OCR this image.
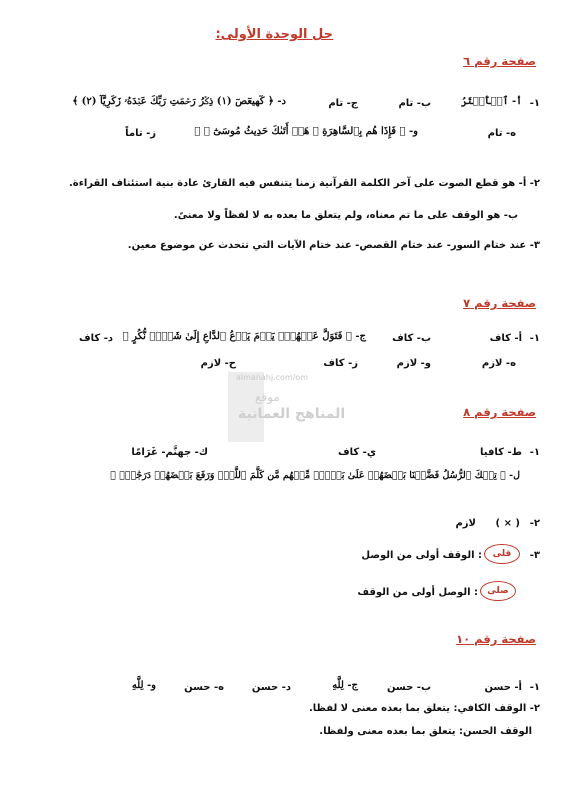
حل الوحدة الأولى:
almanahj.com/om
موقع
المناهج العمانية
صفحة رقم ٦
١-
أ- ٱلۡأَبۡتَرُ
ب- تام
ج- تام
د- ﴿ كٓهيعٓصٓ (١) ذِكۡرُ رَحۡمَتِ رَبِّكَ عَبۡدَهُۥ زَكَرِيَّآ (٢) ﴾
ه- تام
و- ﴿ فَإِذَا هُم بِٱلسَّاهِرَةِ ⑭ هَلۡ أَتَىٰكَ حَدِيثُ مُوسَىٰٓ ⑮ ﴾
ز- تاماً
٢- أ- هو قطع الصوت على آخر الكلمة القرآنية زمنا يتنفس فيه القارئ عادة بنية استئناف القراءة.
ب- هو الوقف على ما تم معناه، ولم يتعلق ما بعده به لا لفظاً ولا معنىً.
٣- عند ختام السور- عند ختام القصص- عند ختام الآيات التي تتحدث عن موضوع معين.
صفحة رقم ٧
١-
أ- كاف
ب- كاف
ج- ﴿ فَتَوَلَّ عَنۡهُمۡۘ يَوۡمَ يَدۡعُ ٱلدَّاعِ إِلَىٰ شَيۡءٖ نُّكُرٍ ﴾
د- كاف
ه- لازم
و- لازم
ز- كاف
ح- لازم
صفحة رقم ٨
١-
ط- كافيا
ي- كاف
ك- جهنَّم- غَرَامًا
ل- ﴿ تِلۡكَ ٱلرُّسُلُ فَضَّلۡنَا بَعۡضَهُمۡ عَلَىٰ بَعۡضٖۘ مِّنۡهُم مَّن كَلَّمَ ٱللَّهُۖ وَرَفَعَ بَعۡضَهُمۡ دَرَجَٰتٖۚ ﴾
٢-
( × )
لازم
٣-
قلى
: الوقف أولى من الوصل
صلى
: الوصل أولى من الوقف
صفحة رقم ١٠
١-
أ- حسن
ب- حسن
ج- لِلَّهِ
د- حسن
ه- حسن
و- لِلَّهِ
٢- الوقف الكافي: يتعلق بما بعده معنى لا لفظا.
الوقف الحسن: يتعلق بما بعده معنى ولفظا.
